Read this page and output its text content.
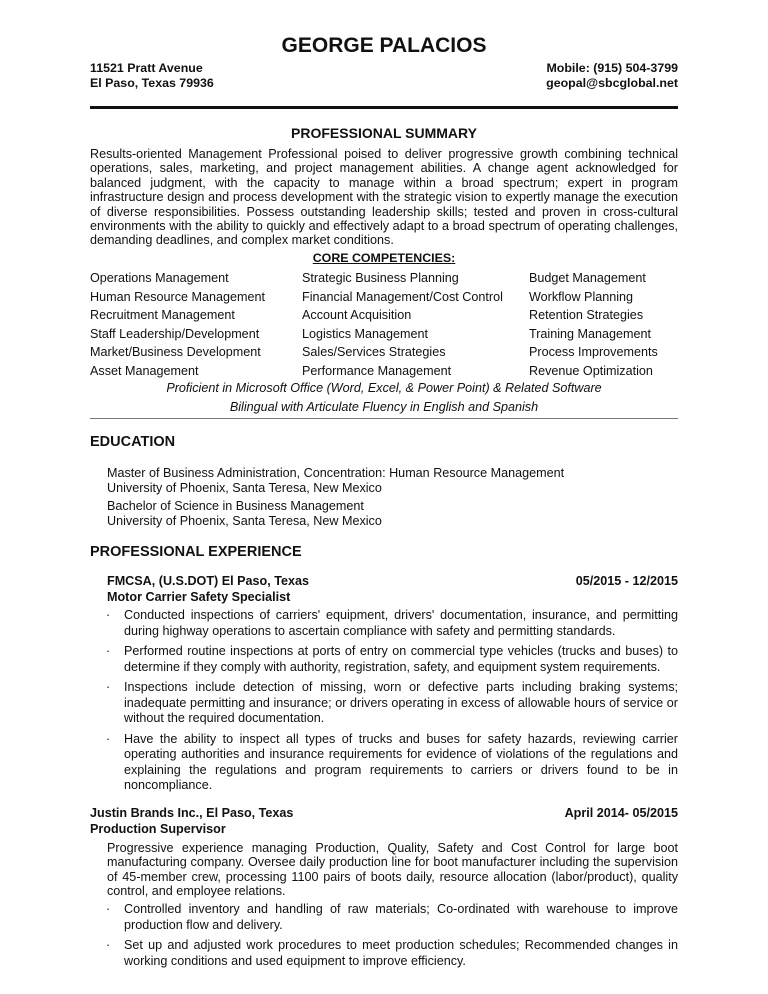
GEORGE PALACIOS
11521 Pratt Avenue
El Paso, Texas 79936
Mobile: (915) 504-3799
geopal@sbcglobal.net
PROFESSIONAL SUMMARY
Results-oriented Management Professional poised to deliver progressive growth combining technical operations, sales, marketing, and project management abilities. A change agent acknowledged for balanced judgment, with the capacity to manage within a broad spectrum; expert in program infrastructure design and process development with the strategic vision to expertly manage the execution of diverse responsibilities. Possess outstanding leadership skills; tested and proven in cross-cultural environments with the ability to quickly and effectively adapt to a broad spectrum of operating challenges, demanding deadlines, and complex market conditions.
CORE COMPETENCIES:
Operations Management	Strategic Business Planning	Budget Management
Human Resource Management	Financial Management/Cost Control	Workflow Planning
Recruitment Management	Account Acquisition	Retention Strategies
Staff Leadership/Development	Logistics Management	Training Management
Market/Business Development	Sales/Services Strategies	Process Improvements
Asset Management	Performance Management	Revenue Optimization
Proficient in Microsoft Office (Word, Excel, & Power Point) & Related Software
Bilingual with Articulate Fluency in English and Spanish
EDUCATION
Master of Business Administration, Concentration: Human Resource Management
University of Phoenix, Santa Teresa, New Mexico
Bachelor of Science in Business Management
University of Phoenix, Santa Teresa, New Mexico
PROFESSIONAL EXPERIENCE
FMCSA, (U.S.DOT) El Paso, Texas
Motor Carrier Safety Specialist
05/2015 - 12/2015
· Conducted inspections of carriers' equipment, drivers' documentation, insurance, and permitting during highway operations to ascertain compliance with safety and permitting standards.
· Performed routine inspections at ports of entry on commercial type vehicles (trucks and buses) to determine if they comply with authority, registration, safety, and equipment system requirements.
· Inspections include detection of missing, worn or defective parts including braking systems; inadequate permitting and insurance; or drivers operating in excess of allowable hours of service or without the required documentation.
· Have the ability to inspect all types of trucks and buses for safety hazards, reviewing carrier operating authorities and insurance requirements for evidence of violations of the regulations and explaining the regulations and program requirements to carriers or drivers found to be in noncompliance.
Justin Brands Inc., El Paso, Texas
Production Supervisor
April 2014- 05/2015
Progressive experience managing Production, Quality, Safety and Cost Control for large boot manufacturing company. Oversee daily production line for boot manufacturer including the supervision of 45-member crew, processing 1100 pairs of boots daily, resource allocation (labor/product), quality control, and employee relations.
· Controlled inventory and handling of raw materials; Co-ordinated with warehouse to improve production flow and delivery.
· Set up and adjusted work procedures to meet production schedules; Recommended changes in working conditions and used equipment to improve efficiency.
